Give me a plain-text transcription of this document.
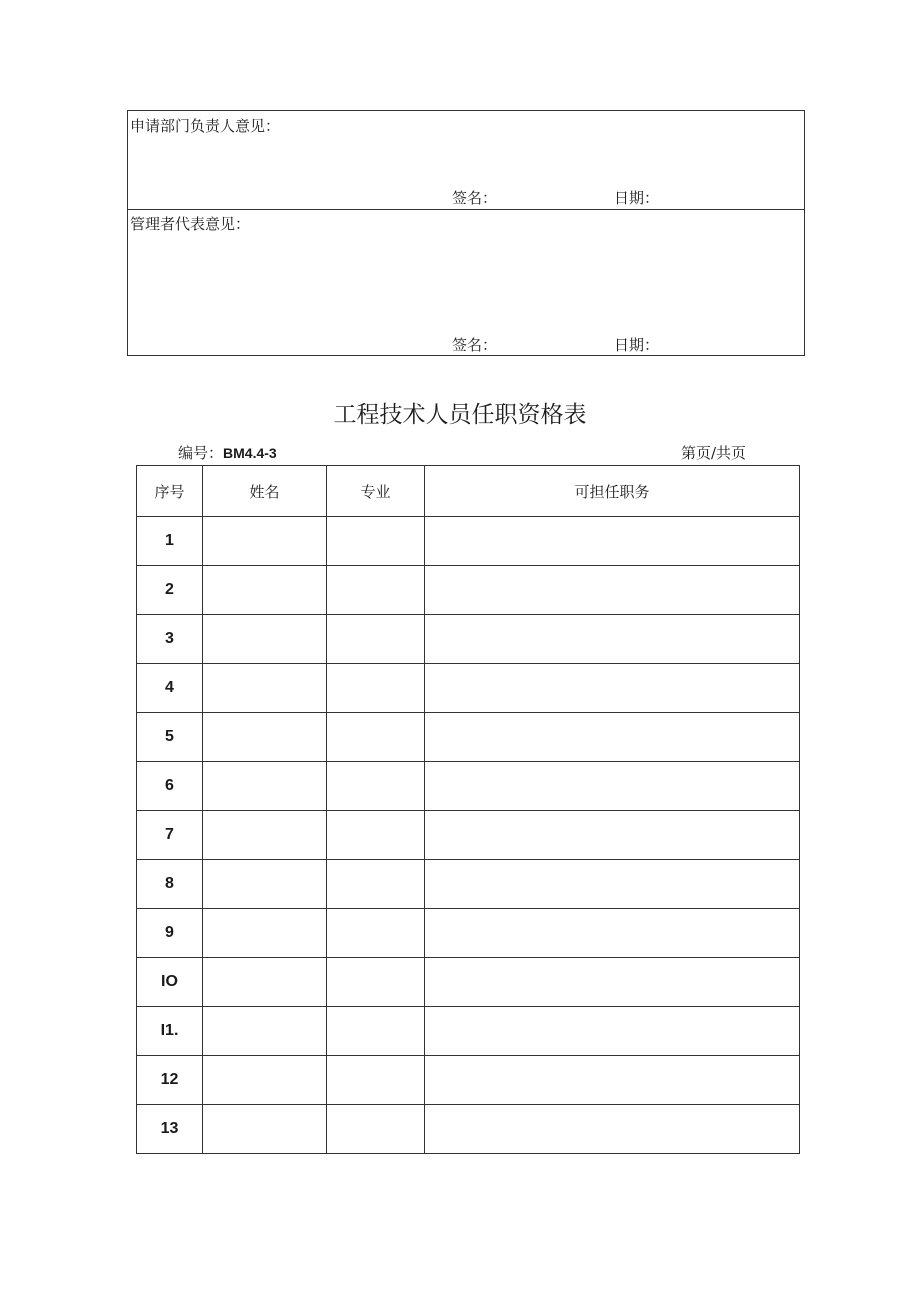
申请部门负责人意见：
签名：	日期：
管理者代表意见：
签名：	日期：
工程技术人员任职资格表
编号：BM4.4-3	第页/共页
序号	姓名	专业	可担任职务
1			
2			
3			
4			
5			
6			
7			
8			
9			
IO			
I1.			
12			
13			
